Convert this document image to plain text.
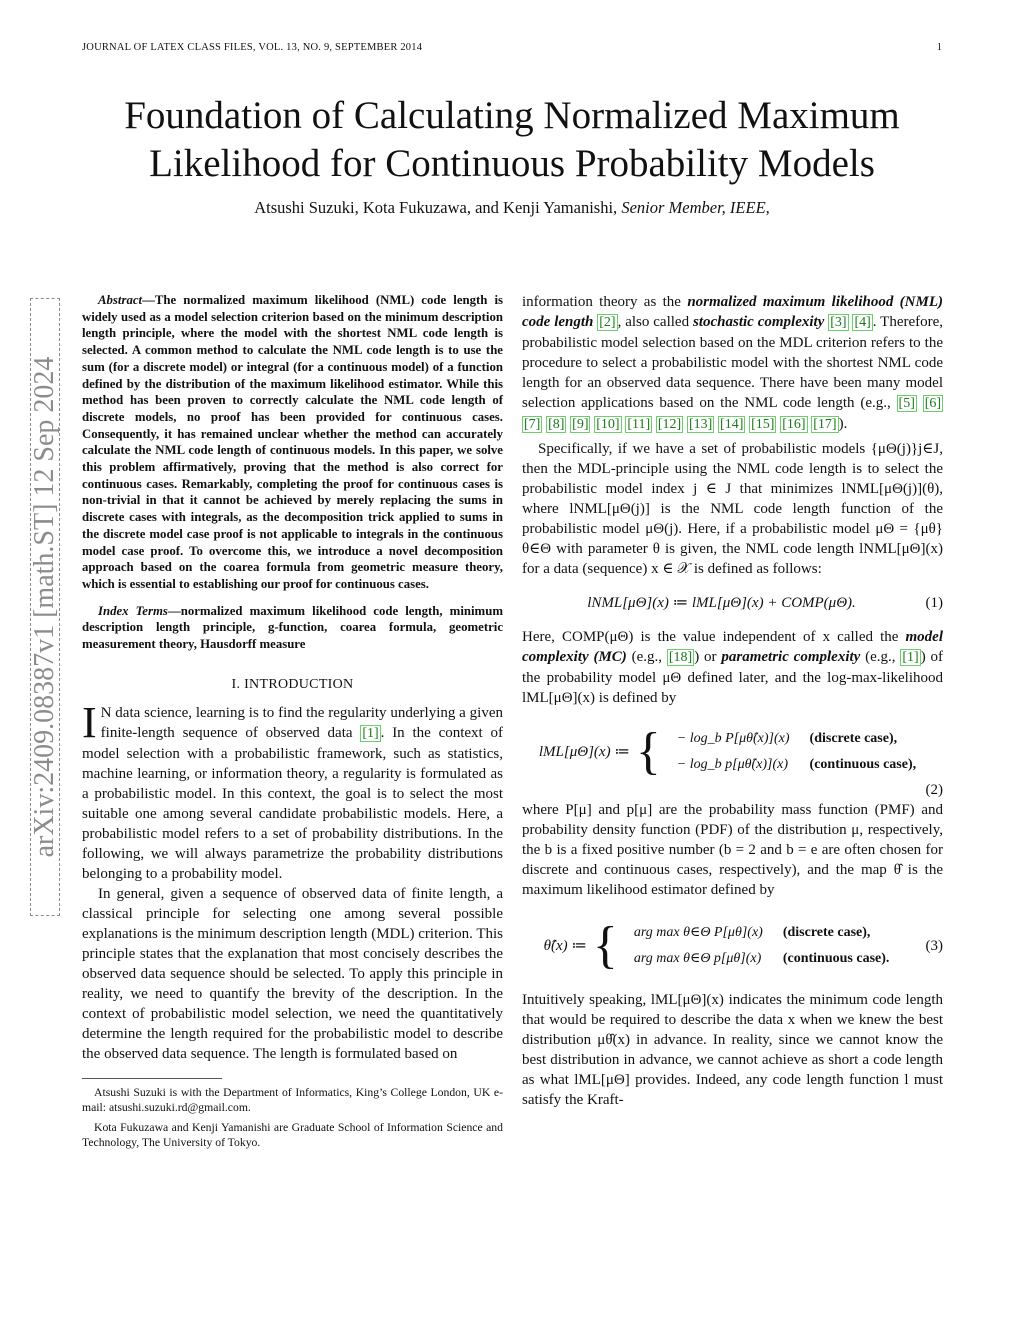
JOURNAL OF LATEX CLASS FILES, VOL. 13, NO. 9, SEPTEMBER 2014	1
Foundation of Calculating Normalized Maximum Likelihood for Continuous Probability Models
Atsushi Suzuki, Kota Fukuzawa, and Kenji Yamanishi, Senior Member, IEEE,
arXiv:2409.08387v1 [math.ST] 12 Sep 2024

Abstract—The normalized maximum likelihood (NML) code length is widely used as a model selection criterion based on the minimum description length principle, where the model with the shortest NML code length is selected. A common method to calculate the NML code length is to use the sum (for a discrete model) or integral (for a continuous model) of a function defined by the distribution of the maximum likelihood estimator. While this method has been proven to correctly calculate the NML code length of discrete models, no proof has been provided for continuous cases. Consequently, it has remained unclear whether the method can accurately calculate the NML code length of continuous models. In this paper, we solve this problem affirmatively, proving that the method is also correct for continuous cases. Remarkably, completing the proof for continuous cases is non-trivial in that it cannot be achieved by merely replacing the sums in discrete cases with integrals, as the decomposition trick applied to sums in the discrete model case proof is not applicable to integrals in the continuous model case proof. To overcome this, we introduce a novel decomposition approach based on the coarea formula from geometric measure theory, which is essential to establishing our proof for continuous cases.

Index Terms—normalized maximum likelihood code length, minimum description length principle, g-function, coarea formula, geometric measurement theory, Hausdorff measure

I. INTRODUCTION

I N data science, learning is to find the regularity underlying a given finite-length sequence of observed data [1] . In the context of model selection with a probabilistic framework, such as statistics, machine learning, or information theory, a regularity is formulated as a probabilistic model. In this context, the goal is to select the most suitable one among several candidate probabilistic models. Here, a probabilistic model refers to a set of probability distributions. In the following, we will always parametrize the probability distributions belonging to a probability model.

In general, given a sequence of observed data of finite length, a classical principle for selecting one among several possible explanations is the minimum description length (MDL) criterion. This principle states that the explanation that most concisely describes the observed data sequence should be selected. To apply this principle in reality, we need to quantify the brevity of the description. In the context of probabilistic model selection, we need the quantitatively determine the length required for the probabilistic model to describe the observed data sequence. The length is formulated based on

Atsushi Suzuki is with the Department of Informatics, King’s College London, UK e-mail: atsushi.suzuki.rd@gmail.com.

Kota Fukuzawa and Kenji Yamanishi are Graduate School of Information Science and Technology, The University of Tokyo.

information theory as the normalized maximum likelihood (NML) code length [2] , also called stochastic complexity [3] [4] . Therefore, probabilistic model selection based on the MDL criterion refers to the procedure to select a probabilistic model with the shortest NML code length for an observed data sequence. There have been many model selection applications based on the NML code length (e.g., [5] [6] [7] [8] [9] [10] [11] [12] [13] [14] [15] [16] [17] ).

Specifically, if we have a set of probabilistic models {μΘ(j)}j∈J, then the MDL-principle using the NML code length is to select the probabilistic model index j ∈ J that minimizes lNML[μΘ(j)](θ), where lNML[μΘ(j)] is the NML code length function of the probabilistic model μΘ(j). Here, if a probabilistic model μΘ = {μθ}θ∈Θ with parameter θ is given, the NML code length lNML[μΘ](x) for a data (sequence) x ∈ 𝒳 is defined as follows:

lNML[μΘ](x) ≔ lML[μΘ](x) + COMP(μΘ).	(1)

Here, COMP(μΘ) is the value independent of x called the model complexity (MC) (e.g., [18] ) or parametric complexity (e.g., [1] ) of the probability model μΘ defined later, and the log-max-likelihood lML[μΘ](x) is defined by

lML[μΘ](x) ≔ { − log_b P[μθ̂(x)](x)	(discrete case),
− log_b p[μθ̂(x)](x)	(continuous case),
(2)

where P[μ] and p[μ] are the probability mass function (PMF) and probability density function (PDF) of the distribution μ, respectively, the b is a fixed positive number (b = 2 and b = e are often chosen for discrete and continuous cases, respectively), and the map θ̂ is the maximum likelihood estimator defined by

θ̂(x) ≔ { arg max θ∈Θ P[μθ](x)	(discrete case),
arg max θ∈Θ p[μθ](x)	(continuous case).
(3)

Intuitively speaking, lML[μΘ](x) indicates the minimum code length that would be required to describe the data x when we knew the best distribution μθ̂(x) in advance. In reality, since we cannot know the best distribution in advance, we cannot achieve as short a code length as what lML[μΘ] provides. Indeed, any code length function l must satisfy the Kraft-
